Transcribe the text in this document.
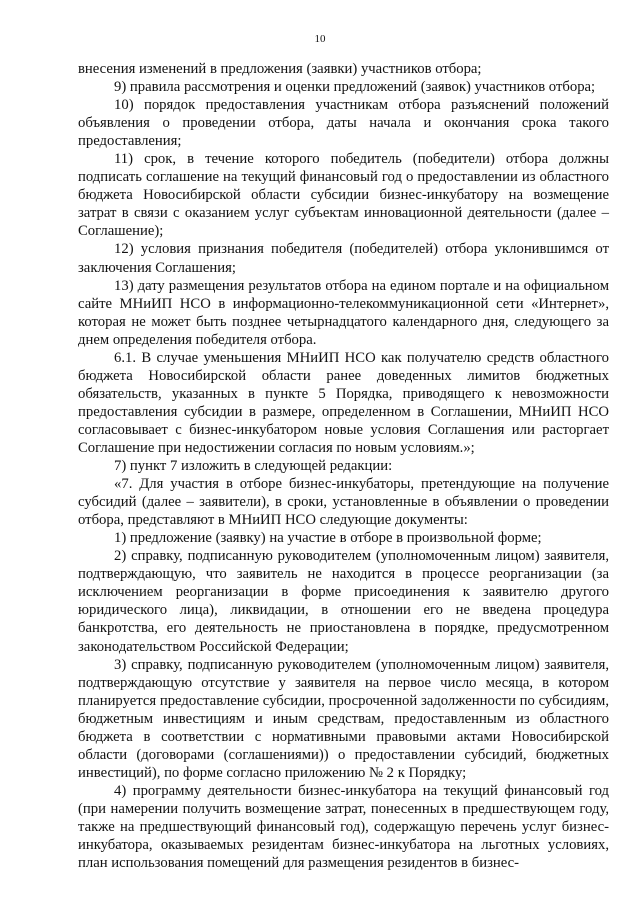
10

внесения изменений в предложения (заявки) участников отбора;

9) правила рассмотрения и оценки предложений (заявок) участников отбора;

10) порядок предоставления участникам отбора разъяснений положений объявления о проведении отбора, даты начала и окончания срока такого предоставления;

11) срок, в течение которого победитель (победители) отбора должны подписать соглашение на текущий финансовый год о предоставлении из областного бюджета Новосибирской области субсидии бизнес-инкубатору на возмещение затрат в связи с оказанием услуг субъектам инновационной деятельности (далее – Соглашение);

12) условия признания победителя (победителей) отбора уклонившимся от заключения Соглашения;

13) дату размещения результатов отбора на едином портале и на официальном сайте МНиИП НСО в информационно-телекоммуникационной сети «Интернет», которая не может быть позднее четырнадцатого календарного дня, следующего за днем определения победителя отбора.

6.1. В случае уменьшения МНиИП НСО как получателю средств областного бюджета Новосибирской области ранее доведенных лимитов бюджетных обязательств, указанных в пункте 5 Порядка, приводящего к невозможности предоставления субсидии в размере, определенном в Соглашении, МНиИП НСО согласовывает с бизнес-инкубатором новые условия Соглашения или расторгает Соглашение при недостижении согласия по новым условиям.»;

7) пункт 7 изложить в следующей редакции:

«7. Для участия в отборе бизнес-инкубаторы, претендующие на получение субсидий (далее – заявители), в сроки, установленные в объявлении о проведении отбора, представляют в МНиИП НСО следующие документы:

1) предложение (заявку) на участие в отборе в произвольной форме;

2) справку, подписанную руководителем (уполномоченным лицом) заявителя, подтверждающую, что заявитель не находится в процессе реорганизации (за исключением реорганизации в форме присоединения к заявителю другого юридического лица), ликвидации, в отношении его не введена процедура банкротства, его деятельность не приостановлена в порядке, предусмотренном законодательством Российской Федерации;

3) справку, подписанную руководителем (уполномоченным лицом) заявителя, подтверждающую отсутствие у заявителя на первое число месяца, в котором планируется предоставление субсидии, просроченной задолженности по субсидиям, бюджетным инвестициям и иным средствам, предоставленным из областного бюджета в соответствии с нормативными правовыми актами Новосибирской области (договорами (соглашениями)) о предоставлении субсидий, бюджетных инвестиций), по форме согласно приложению № 2 к Порядку;

4) программу деятельности бизнес-инкубатора на текущий финансовый год (при намерении получить возмещение затрат, понесенных в предшествующем году, также на предшествующий финансовый год), содержащую перечень услуг бизнес-инкубатора, оказываемых резидентам бизнес-инкубатора на льготных условиях, план использования помещений для размещения резидентов в бизнес-
